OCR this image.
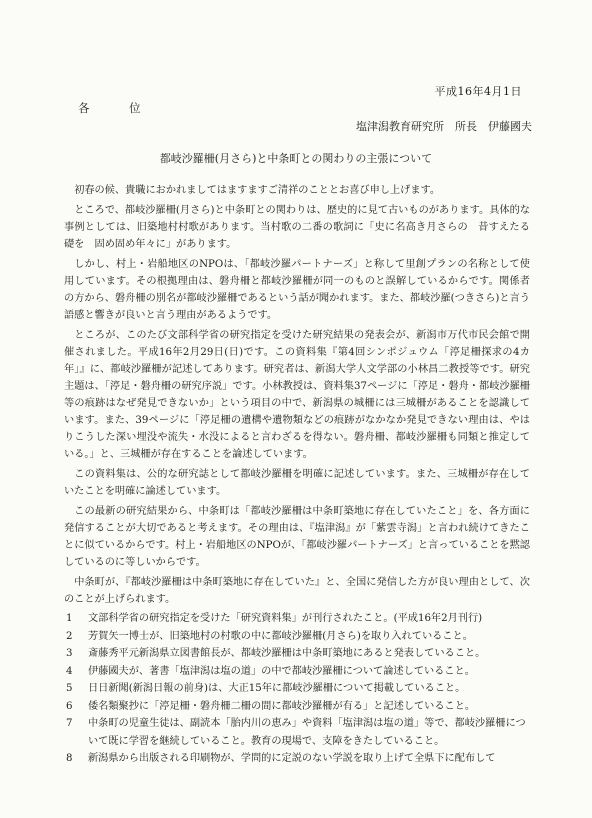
平成16年4月1日
各　位
塩津潟教育研究所　所長　伊藤國夫
都岐沙羅柵(月さら)と中条町との関わりの主張について

初春の候、貴職におかれましてはますますご清祥のこととお喜び申し上げます。

ところで、都岐沙羅柵(月さら)と中条町との関わりは、歴史的に見て古いものがあります。具体的な事例としては、旧築地村村歌があります。当村歌の二番の歌詞に「史に名高き月さらの　昔すえたる礎を　固め固め年々に」があります。

しかし、村上・岩船地区のNPOは、「都岐沙羅パートナーズ」と称して里創プランの名称として使用しています。その根拠理由は、磐舟柵と都岐沙羅柵が同一のものと誤解しているからです。関係者の方から、磐舟柵の別名が都岐沙羅柵であるという話が聞かれます。また、都岐沙羅(つきさら)と言う語感と響きが良いと言う理由があるようです。

ところが、このたび文部科学省の研究指定を受けた研究結果の発表会が、新潟市万代市民会館で開催されました。平成16年2月29日(日)です。この資料集『第4回シンポジュウム「渟足柵探求の4カ年」』に、都岐沙羅柵が記述してあります。研究者は、新潟大学人文学部の小林昌二教授等です。研究主題は、「渟足・磐舟柵の研究序説」です。小林教授は、資料集37ページに「渟足・磐舟・都岐沙羅柵等の痕跡はなぜ発見できないか」という項目の中で、新潟県の城柵には三城柵があることを認識しています。また、39ページに「渟足柵の遺構や遺物類などの痕跡がなかなか発見できない理由は、やはりこうした深い埋没や流失・水没によると言わざるを得ない。磐舟柵、都岐沙羅柵も同類と推定している。」と、三城柵が存在することを論述しています。

この資料集は、公的な研究誌として都岐沙羅柵を明確に記述しています。また、三城柵が存在していたことを明確に論述しています。

この最新の研究結果から、中条町は「都岐沙羅柵は中条町築地に存在していたこと」を、各方面に発信することが大切であると考えます。その理由は、『塩津潟』が「紫雲寺潟」と言われ続けてきたことに似ているからです。村上・岩船地区のNPOが、「都岐沙羅パートナーズ」と言っていることを黙認しているのに等しいからです。

中条町が、『都岐沙羅柵は中条町築地に存在していた』と、全国に発信した方が良い理由として、次のことが上げられます。

1	文部科学省の研究指定を受けた「研究資料集」が刊行されたこと。(平成16年2月刊行)
2	芳賀矢一博士が、旧築地村の村歌の中に都岐沙羅柵(月さら)を取り入れていること。
3	斎藤秀平元新潟県立図書館長が、都岐沙羅柵は中条町築地にあると発表していること。
4	伊藤國夫が、著書「塩津潟は塩の道」の中で都岐沙羅柵について論述していること。
5	日日新聞(新潟日報の前身)は、大正15年に都岐沙羅柵について掲載していること。
6	倭名類聚抄に「渟足柵・磐舟柵二柵の間に都岐沙羅柵が有る」と記述していること。
7	中条町の児童生徒は、副読本「胎内川の恵み」や資料「塩津潟は塩の道」等で、都岐沙羅柵について既に学習を継続していること。教育の現場で、支障をきたしていること。
8	新潟県から出版される印刷物が、学問的に定説のない学説を取り上げて全県下に配布して
